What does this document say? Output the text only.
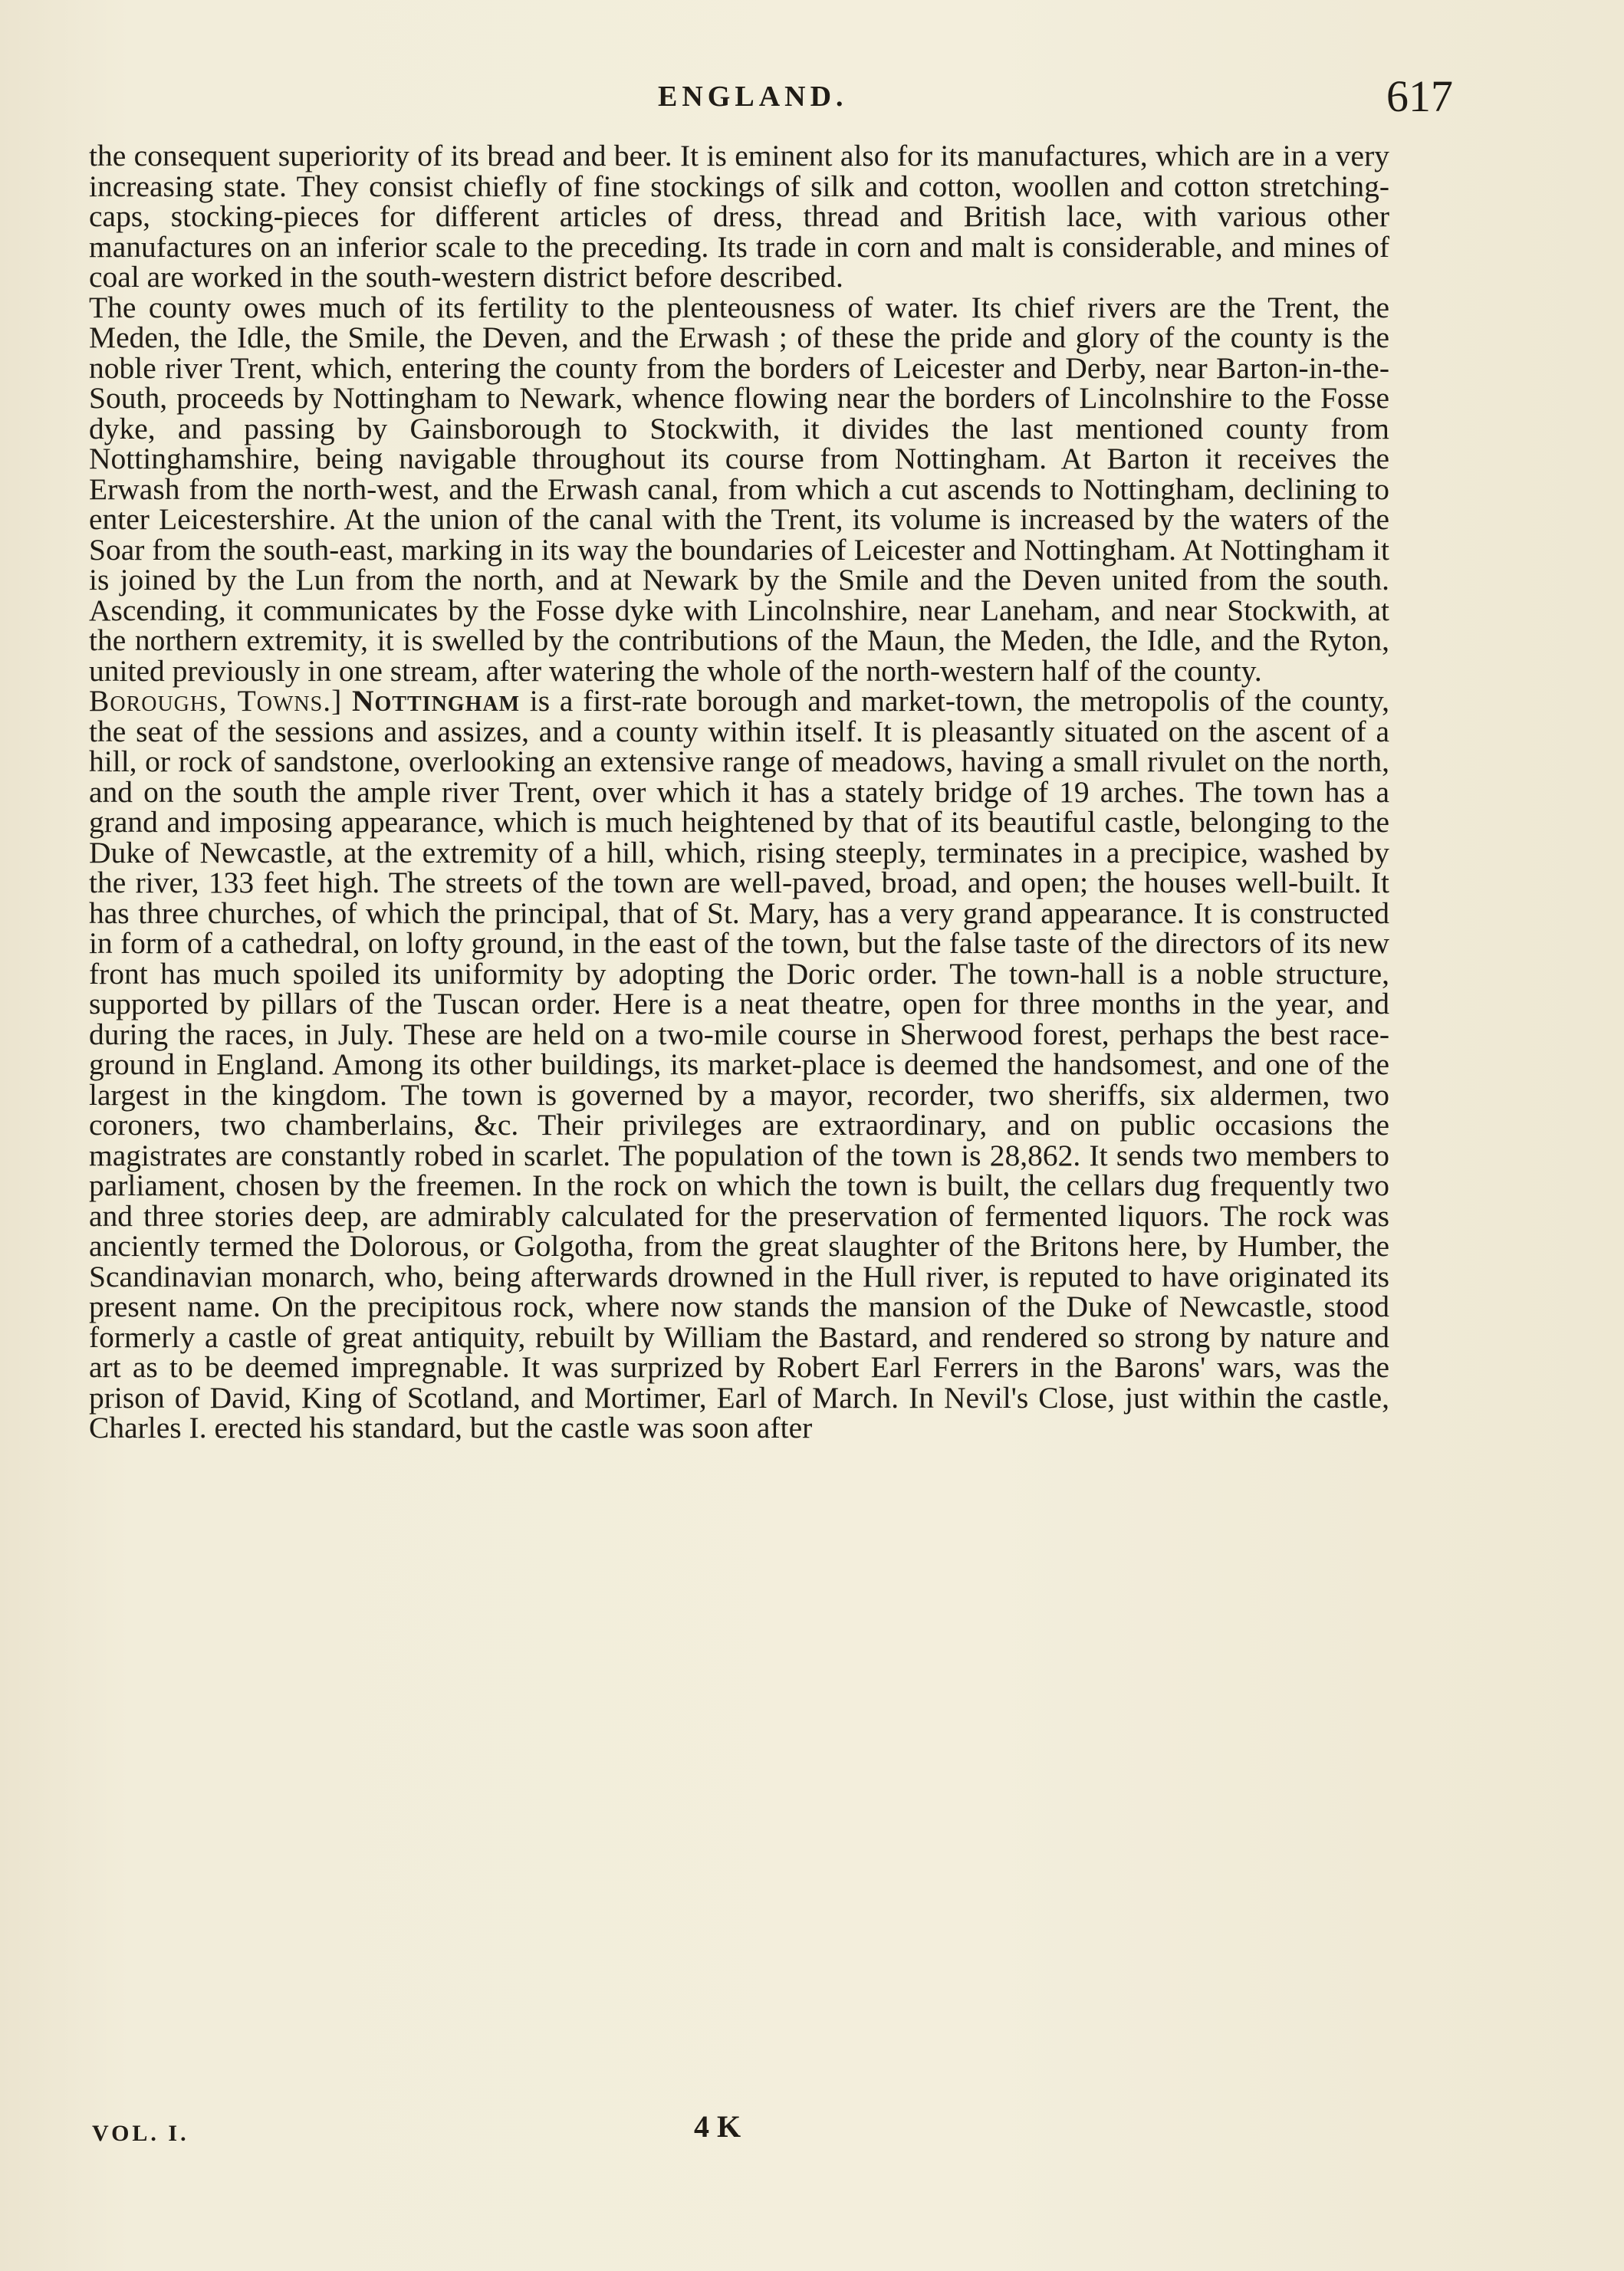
ENGLAND.	617

the consequent superiority of its bread and beer. It is eminent also for its manufactures, which are in a very increasing state. They consist chiefly of fine stockings of silk and cotton, woollen and cotton stretching-caps, stocking-pieces for different articles of dress, thread and British lace, with various other manufactures on an inferior scale to the preceding. Its trade in corn and malt is considerable, and mines of coal are worked in the south-western district before described.

The county owes much of its fertility to the plenteousness of water. Its chief rivers are the Trent, the Meden, the Idle, the Smile, the Deven, and the Erwash ; of these the pride and glory of the county is the noble river Trent, which, entering the county from the borders of Leicester and Derby, near Barton-in-the-South, proceeds by Nottingham to Newark, whence flowing near the borders of Lincolnshire to the Fosse dyke, and passing by Gainsborough to Stockwith, it divides the last mentioned county from Nottinghamshire, being navigable throughout its course from Nottingham. At Barton it receives the Erwash from the north-west, and the Erwash canal, from which a cut ascends to Nottingham, declining to enter Leicestershire. At the union of the canal with the Trent, its volume is increased by the waters of the Soar from the south-east, marking in its way the boundaries of Leicester and Nottingham. At Nottingham it is joined by the Lun from the north, and at Newark by the Smile and the Deven united from the south. Ascending, it communicates by the Fosse dyke with Lincolnshire, near Laneham, and near Stockwith, at the northern extremity, it is swelled by the contributions of the Maun, the Meden, the Idle, and the Ryton, united previously in one stream, after watering the whole of the north-western half of the county.

Boroughs, Towns.] Nottingham is a first-rate borough and market-town, the metropolis of the county, the seat of the sessions and assizes, and a county within itself. It is pleasantly situated on the ascent of a hill, or rock of sandstone, overlooking an extensive range of meadows, having a small rivulet on the north, and on the south the ample river Trent, over which it has a stately bridge of 19 arches. The town has a grand and imposing appearance, which is much heightened by that of its beautiful castle, belonging to the Duke of Newcastle, at the extremity of a hill, which, rising steeply, terminates in a precipice, washed by the river, 133 feet high. The streets of the town are well-paved, broad, and open; the houses well-built. It has three churches, of which the principal, that of St. Mary, has a very grand appearance. It is constructed in form of a cathedral, on lofty ground, in the east of the town, but the false taste of the directors of its new front has much spoiled its uniformity by adopting the Doric order. The town-hall is a noble structure, supported by pillars of the Tuscan order. Here is a neat theatre, open for three months in the year, and during the races, in July. These are held on a two-mile course in Sherwood forest, perhaps the best race-ground in England. Among its other buildings, its market-place is deemed the handsomest, and one of the largest in the kingdom. The town is governed by a mayor, recorder, two sheriffs, six aldermen, two coroners, two chamberlains, &c. Their privileges are extraordinary, and on public occasions the magistrates are constantly robed in scarlet. The population of the town is 28,862. It sends two members to parliament, chosen by the freemen. In the rock on which the town is built, the cellars dug frequently two and three stories deep, are admirably calculated for the preservation of fermented liquors. The rock was anciently termed the Dolorous, or Golgotha, from the great slaughter of the Britons here, by Humber, the Scandinavian monarch, who, being afterwards drowned in the Hull river, is reputed to have originated its present name. On the precipitous rock, where now stands the mansion of the Duke of Newcastle, stood formerly a castle of great antiquity, rebuilt by William the Bastard, and rendered so strong by nature and art as to be deemed impregnable. It was surprized by Robert Earl Ferrers in the Barons' wars, was the prison of David, King of Scotland, and Mortimer, Earl of March. In Nevil's Close, just within the castle, Charles I. erected his standard, but the castle was soon after

VOL. I.	4 K
